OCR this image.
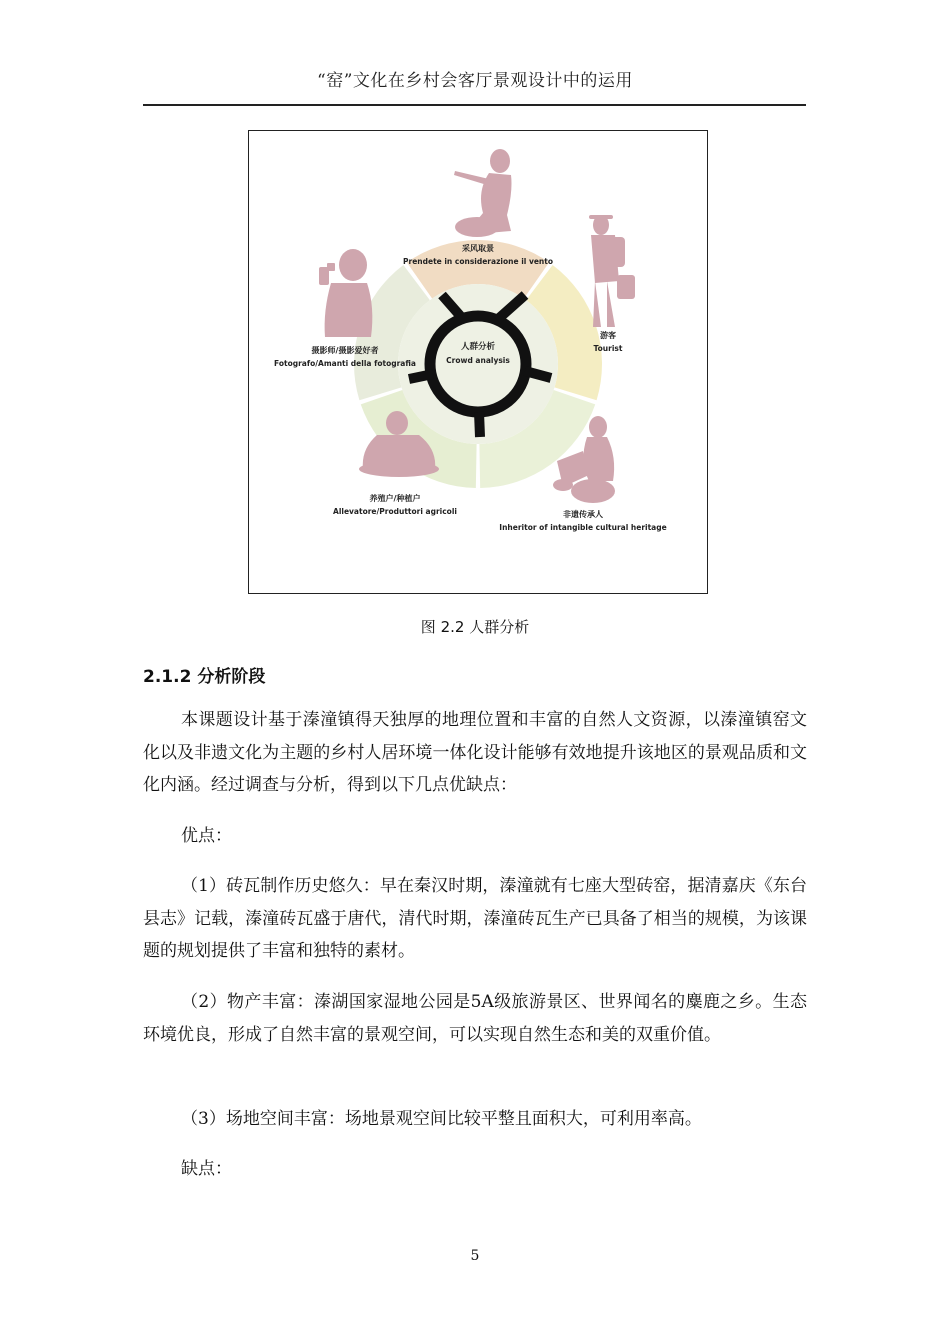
“窑”文化在乡村会客厅景观设计中的运用
人群分析
Crowd analysis
采风取景
Prendete in considerazione il vento
游客
Tourist
摄影师/摄影爱好者
Fotografo/Amanti della fotografia
养殖户/种植户
Allevatore/Produttori agricoli	非遗传承人
Inheritor of intangible cultural heritage
图 2.2 人群分析
2.1.2 分析阶段
本课题设计基于溱潼镇得天独厚的地理位置和丰富的自然人文资源，以溱潼镇窑文化以及非遗文化为主题的乡村人居环境一体化设计能够有效地提升该地区的景观品质和文化内涵。经过调查与分析，得到以下几点优缺点：
优点：
（1）砖瓦制作历史悠久：早在秦汉时期，溱潼就有七座大型砖窑，据清嘉庆《东台县志》记载，溱潼砖瓦盛于唐代，清代时期，溱潼砖瓦生产已具备了相当的规模，为该课题的规划提供了丰富和独特的素材。
（2）物产丰富：溱湖国家湿地公园是5A级旅游景区、世界闻名的麋鹿之乡。生态环境优良，形成了自然丰富的景观空间，可以实现自然生态和美的双重价值。
（3）场地空间丰富：场地景观空间比较平整且面积大，可利用率高。
缺点：
5
